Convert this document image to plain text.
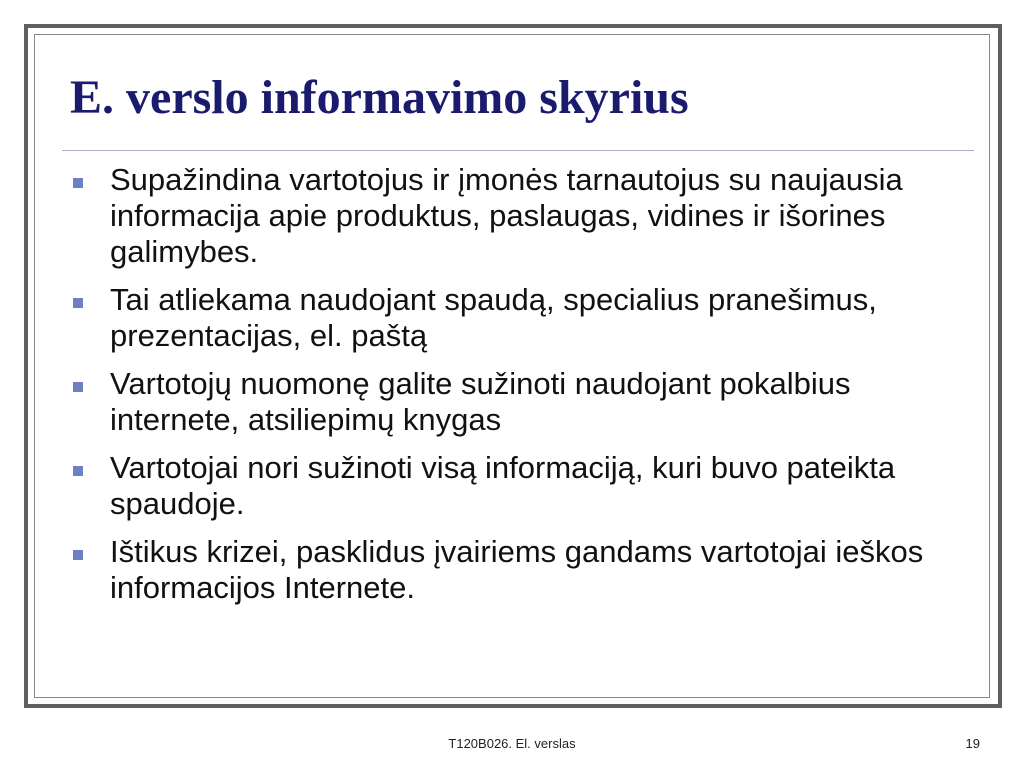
E. verslo informavimo skyrius
Supažindina vartotojus ir įmonės tarnautojus su naujausia informacija apie produktus, paslaugas, vidines ir išorines galimybes.
Tai atliekama naudojant spaudą, specialius pranešimus, prezentacijas, el. paštą
Vartotojų nuomonę galite sužinoti naudojant pokalbius internete, atsiliepimų knygas
Vartotojai nori sužinoti visą informaciją, kuri buvo pateikta spaudoje.
Ištikus krizei, pasklidus įvairiems gandams vartotojai ieškos informacijos Internete.
T120B026. El. verslas	19
